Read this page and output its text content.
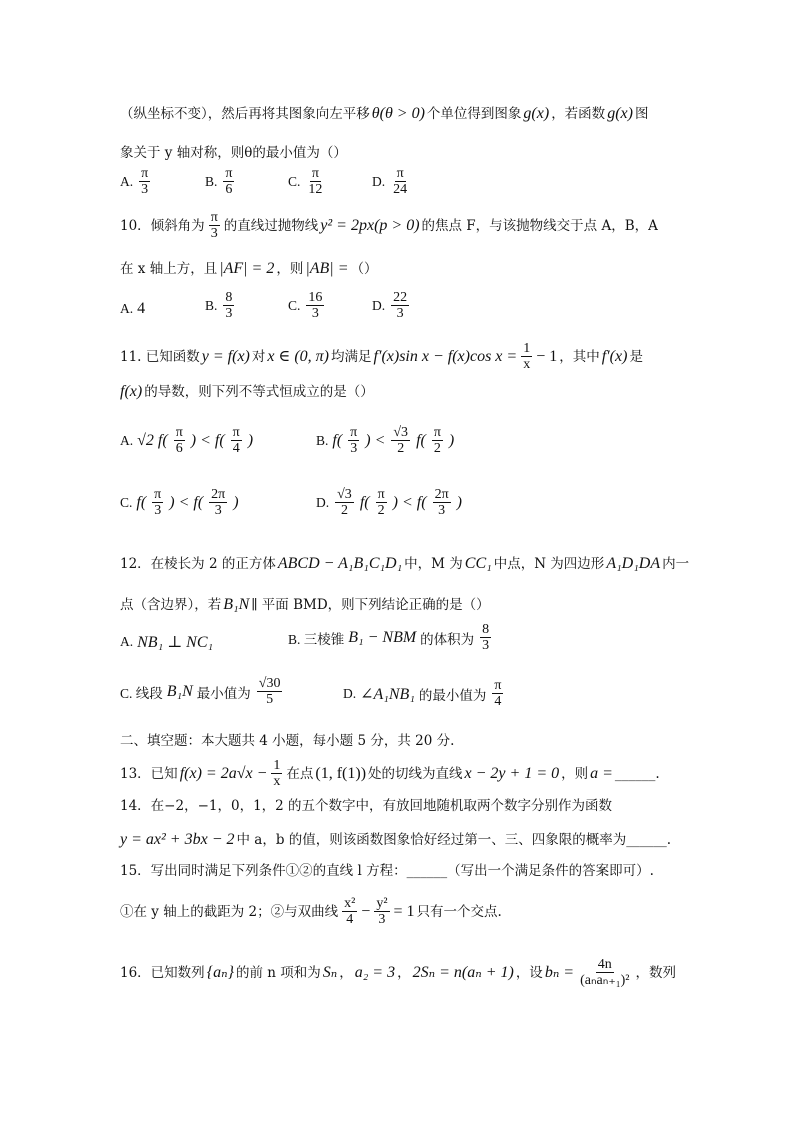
（纵坐标不变），然后再将其图象向左平移 θ(θ > 0) 个单位得到图象 g(x) ，若函数 g(x) 图
象关于 y 轴对称，则θ的最小值为（）
A. $\frac{\pi}{3}$	B. $\frac{\pi}{6}$	C. $\frac{\pi}{12}$	D. $\frac{\pi}{24}$
10．倾斜角为 $\frac{\pi}{3}$ 的直线过抛物线 y² = 2px(p > 0) 的焦点 F，与该抛物线交于点 A，B，A
在 x 轴上方，且 |AF| = 2 ，则 |AB| = （）
A. 4	B. $\frac{8}{3}$	C. $\frac{16}{3}$	D. $\frac{22}{3}$
11. 已知函数 y = f(x) 对 x ∈ (0, π) 均满足 f′(x)sin x − f(x)cos $x = \frac{1}{x} - 1$ ，其中 f′(x) 是
f(x) 的导数，则下列不等式恒成立的是（）
A. √2 $f( \frac{\pi}{6}$ ) < $f( \frac{\pi}{4}$ )	B. $f( \frac{\pi}{3}$ ) < $\frac{√3}{2} f( \frac{\pi}{2}$ )
C. $f( \frac{\pi}{3}$ ) < $f( \frac{2\pi}{3}$ )	D. $\frac{√3}{2} f( \frac{\pi}{2}$ ) < $f( \frac{2\pi}{3}$ )
12．在棱长为 2 的正方体 ABCD − A₁B₁C₁D₁ 中，M 为 CC₁ 中点，N 为四边形 A₁D₁DA 内一
点（含边界），若 B₁N ∥ 平面 BMD，则下列结论正确的是（）
A. NB₁ ⊥ NC₁	B. 三棱锥 B₁ − NBM 的体积为 $\frac{8}{3}$
C. 线段 B₁N 最小值为 $\frac{√30}{5}$	D. ∠A₁NB₁ 的最小值为 $\frac{\pi}{4}$
二、填空题：本大题共 4 小题，每小题 5 分，共 20 分.
13．已知 $f(x) = 2a√x - \frac{1}{x}$ 在点 (1, f(1)) 处的切线为直线 x − 2y + 1 = 0 ，则 a = ______.
14．在−2，−1，0，1，2 的五个数字中，有放回地随机取两个数字分别作为函数
y = ax² + 3bx − 2 中 a，b 的值，则该函数图象恰好经过第一、三、四象限的概率为______.
15．写出同时满足下列条件①②的直线 l 方程：______（写出一个满足条件的答案即可）.
①在 y 轴上的截距为 2；②与双曲线 $\frac{\text{x²}}{4} - \frac{\text{y²}}{3} = 1$ 只有一个交点.
16．已知数列 {aₙ} 的前 n 项和为 Sₙ ， a₂ = 3 ， 2Sₙ = n(aₙ + 1) ，设 $b_n = \frac{4n}{\text{(aₙaₙ₊₁)²}}$ ，数列
